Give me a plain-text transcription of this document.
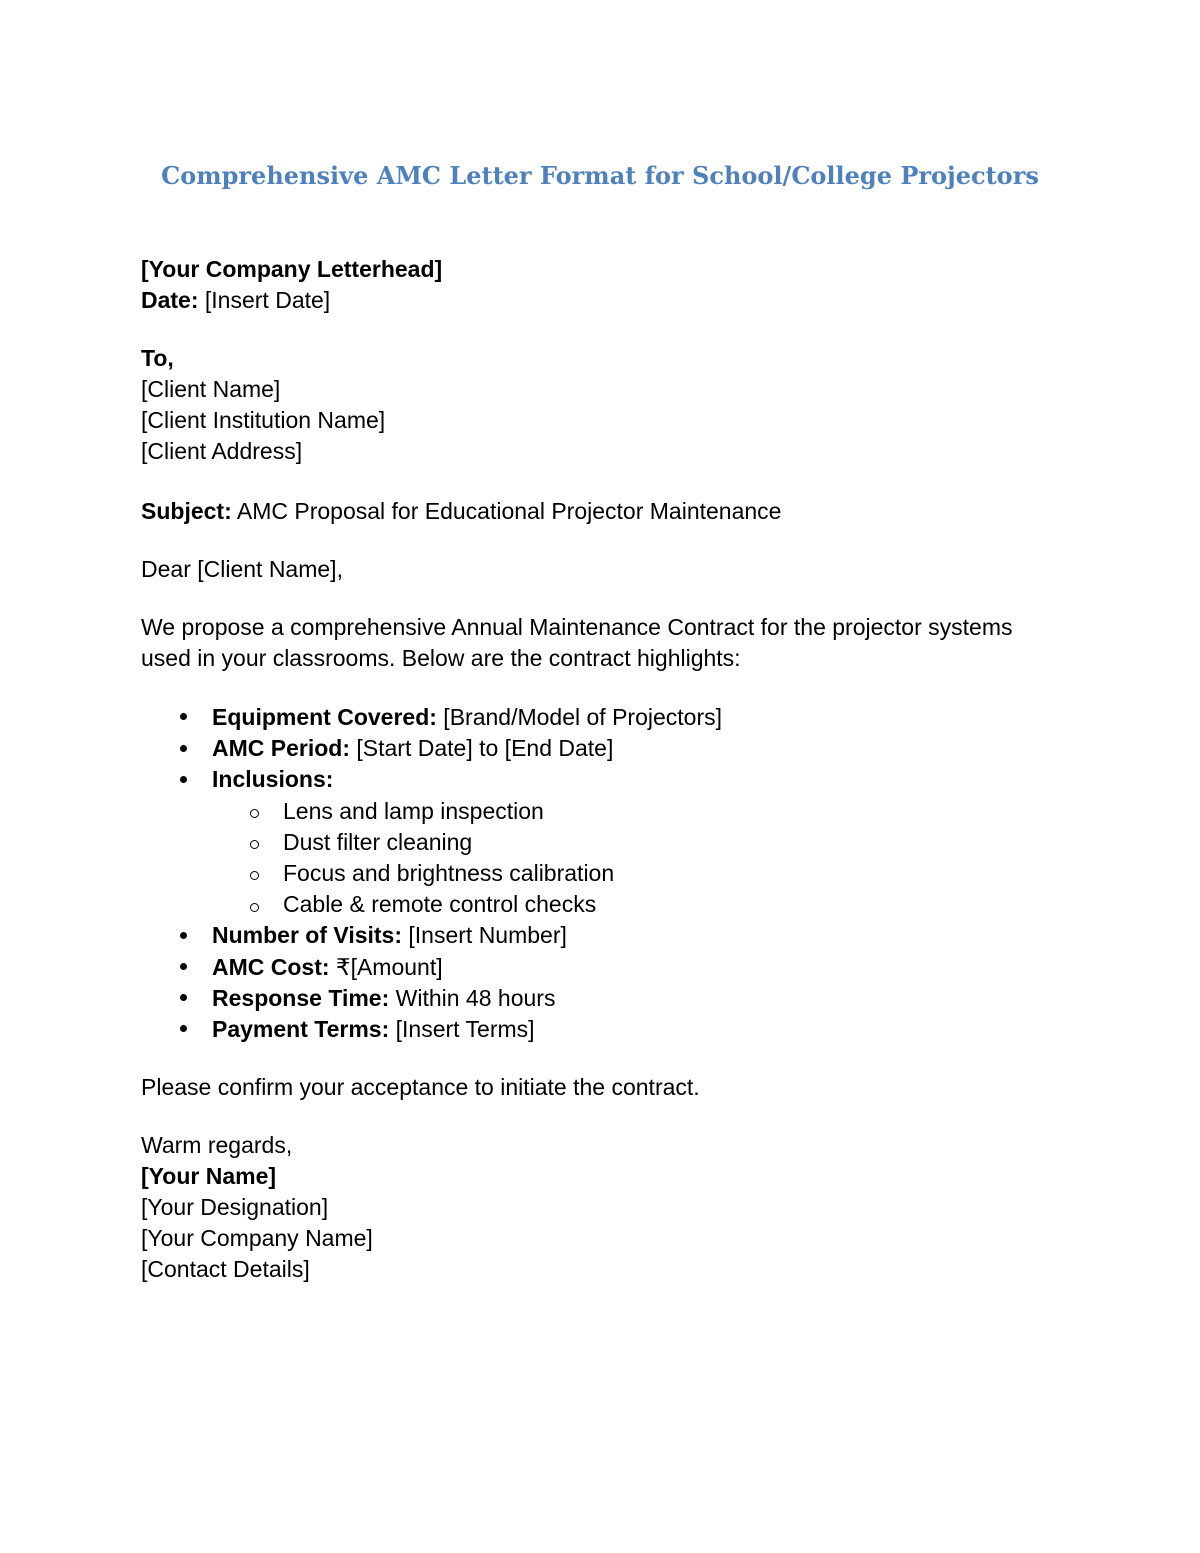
Comprehensive AMC Letter Format for School/College Projectors
[Your Company Letterhead]
Date: [Insert Date]
To,
[Client Name]
[Client Institution Name]
[Client Address]
Subject: AMC Proposal for Educational Projector Maintenance
Dear [Client Name],
We propose a comprehensive Annual Maintenance Contract for the projector systems used in your classrooms. Below are the contract highlights:
Equipment Covered: [Brand/Model of Projectors]
AMC Period: [Start Date] to [End Date]
Inclusions:
Lens and lamp inspection
Dust filter cleaning
Focus and brightness calibration
Cable & remote control checks
Number of Visits: [Insert Number]
AMC Cost: ₹[Amount]
Response Time: Within 48 hours
Payment Terms: [Insert Terms]
Please confirm your acceptance to initiate the contract.
Warm regards,
[Your Name]
[Your Designation]
[Your Company Name]
[Contact Details]
